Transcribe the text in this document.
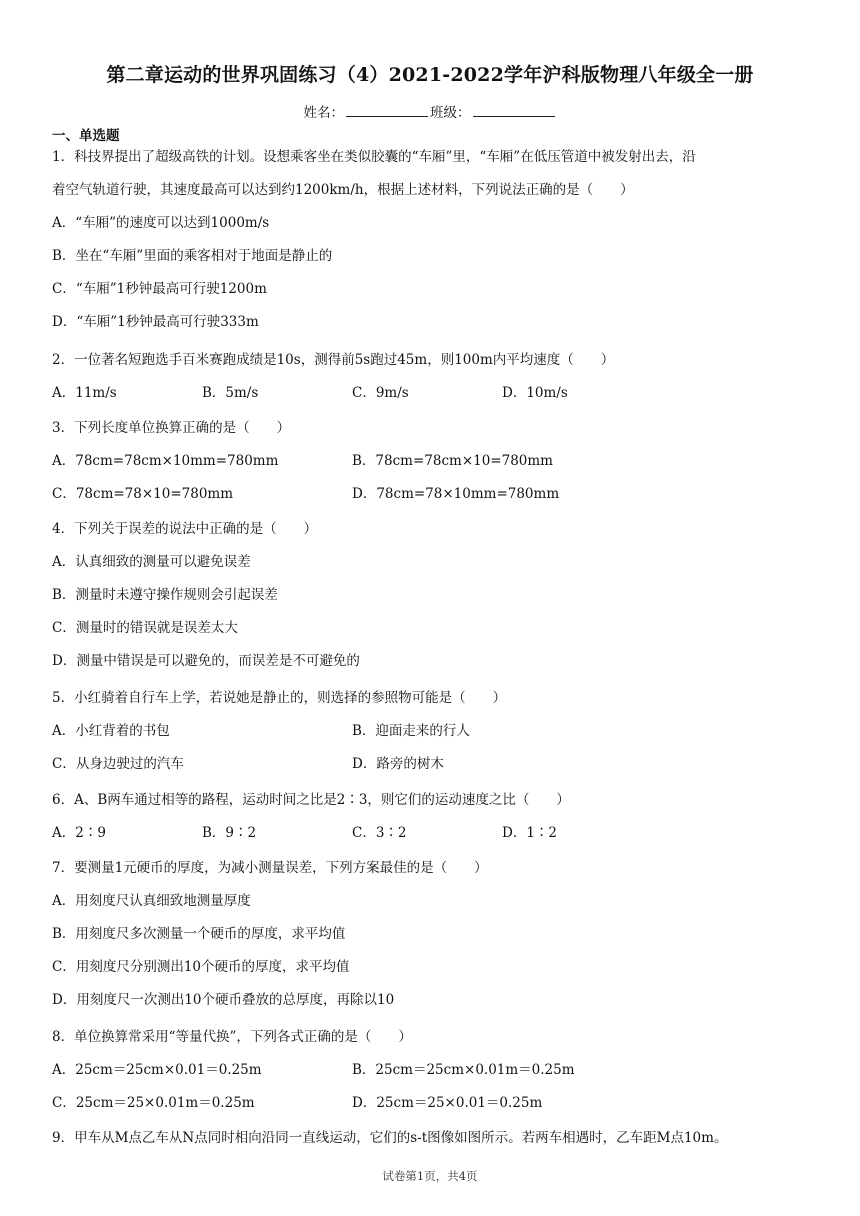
第二章运动的世界巩固练习（4）2021-2022学年沪科版物理八年级全一册
姓名：	班级：
一、单选题

1．科技界提出了超级高铁的计划。设想乘客坐在类似胶囊的“车厢”里，“车厢”在低压管道中被发射出去，沿

着空气轨道行驶，其速度最高可以达到约1200km/h，根据上述材料，下列说法正确的是（　　）

A．“车厢”的速度可以达到1000m/s

B．坐在“车厢”里面的乘客相对于地面是静止的

C．“车厢”1秒钟最高可行驶1200m

D．“车厢”1秒钟最高可行驶333m

2．一位著名短跑选手百米赛跑成绩是10s，测得前5s跑过45m，则100m内平均速度（　　）

A．11m/s	B．5m/s	C．9m/s	D．10m/s

3．下列长度单位换算正确的是（　　）

A．78cm=78cm×10mm=780mm	B．78cm=78cm×10=780mm
C．78cm=78×10=780mm	D．78cm=78×10mm=780mm

4．下列关于误差的说法中正确的是（　　）

A．认真细致的测量可以避免误差

B．测量时未遵守操作规则会引起误差

C．测量时的错误就是误差太大

D．测量中错误是可以避免的，而误差是不可避免的

5．小红骑着自行车上学，若说她是静止的，则选择的参照物可能是（　　）

A．小红背着的书包	B．迎面走来的行人
C．从身边驶过的汽车	D．路旁的树木

6．A、B两车通过相等的路程，运动时间之比是2∶3，则它们的运动速度之比（　　）

A．2∶9	B．9∶2	C．3∶2	D．1∶2

7．要测量1元硬币的厚度，为减小测量误差，下列方案最佳的是（　　）

A．用刻度尺认真细致地测量厚度

B．用刻度尺多次测量一个硬币的厚度，求平均值

C．用刻度尺分别测出10个硬币的厚度，求平均值

D．用刻度尺一次测出10个硬币叠放的总厚度，再除以10

8．单位换算常采用“等量代换”，下列各式正确的是（　　）

A．25cm＝25cm×0.01＝0.25m	B．25cm＝25cm×0.01m＝0.25m
C．25cm＝25×0.01m＝0.25m	D．25cm＝25×0.01＝0.25m

9．甲车从M点乙车从N点同时相向沿同一直线运动，它们的s-t图像如图所示。若两车相遇时，乙车距M点10m。

试卷第1页，共4页
